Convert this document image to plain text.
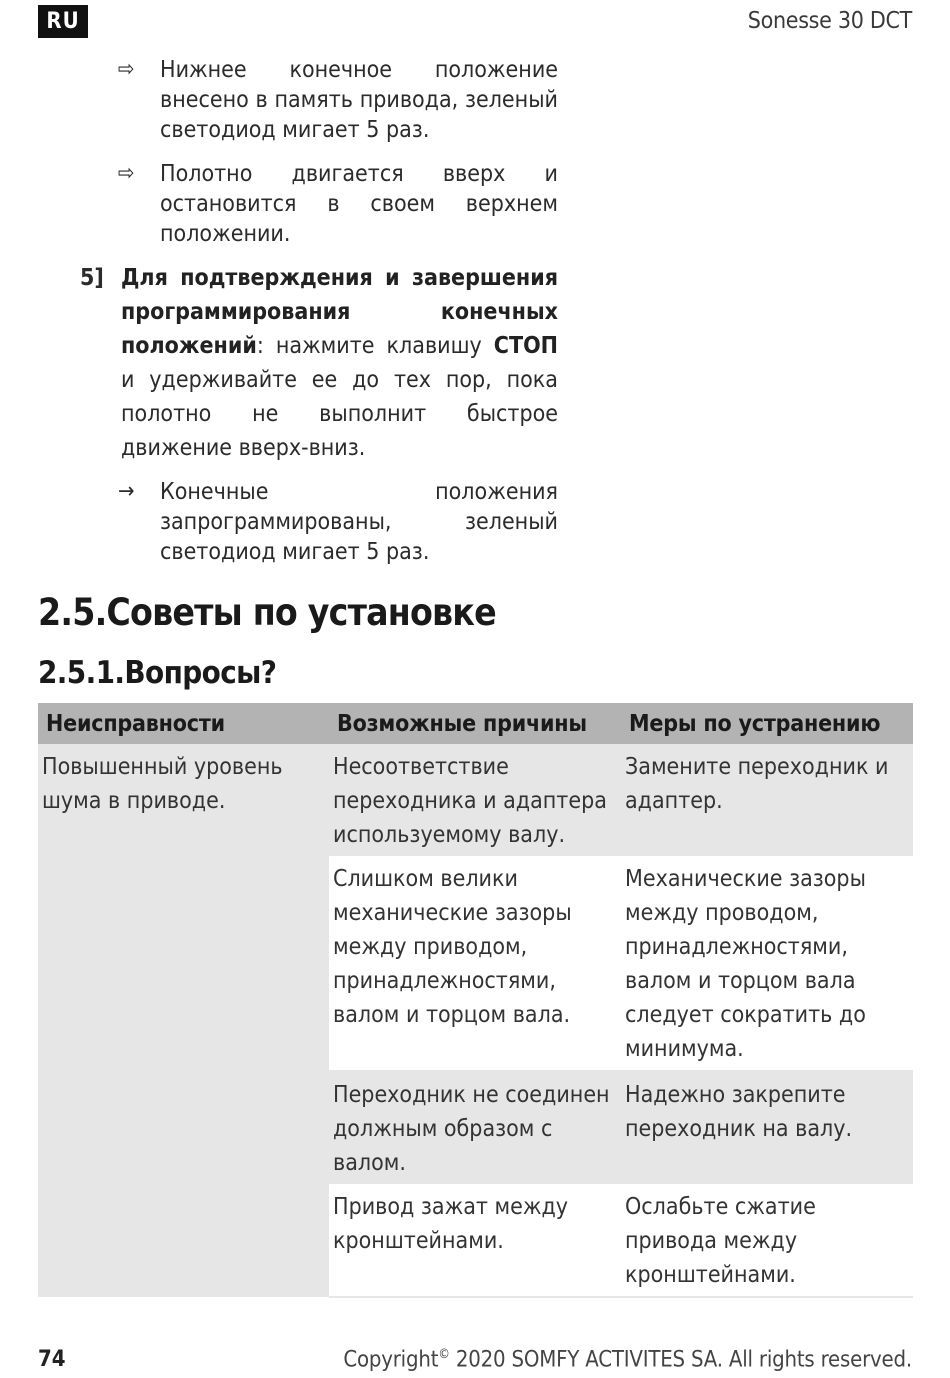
RU	Sonesse 30 DCT

⇨	Нижнее конечное положение внесено в память привода, зеленый светодиод мигает 5 раз.

⇨	Полотно двигается вверх и остановится в своем верхнем положении.

5] Для подтверждения и завершения программирования конечных положений: нажмите клавишу СТОП и удерживайте ее до тех пор, пока полотно не выполнит быстрое движение вверх-вниз.

→	Конечные положения запрограммированы, зеленый светодиод мигает 5 раз.

2.5.Советы по установке
2.5.1.Вопросы?
Неисправности	Возможные причины	Меры по устранению
Повышенный уровень шума в приводе.	Несоответствие переходника и адаптера используемому валу.	Замените переходник и адаптер.
	Слишком велики механические зазоры между приводом, принадлежностями, валом и торцом вала.	Механические зазоры между проводом, принадлежностями, валом и торцом вала следует сократить до минимума.
	Переходник не соединен должным образом с валом.	Надежно закрепите переходник на валу.
	Привод зажат между кронштейнами.	Ослабьте сжатие привода между кронштейнами.
74	Copyright© 2020 SOMFY ACTIVITES SA. All rights reserved.
